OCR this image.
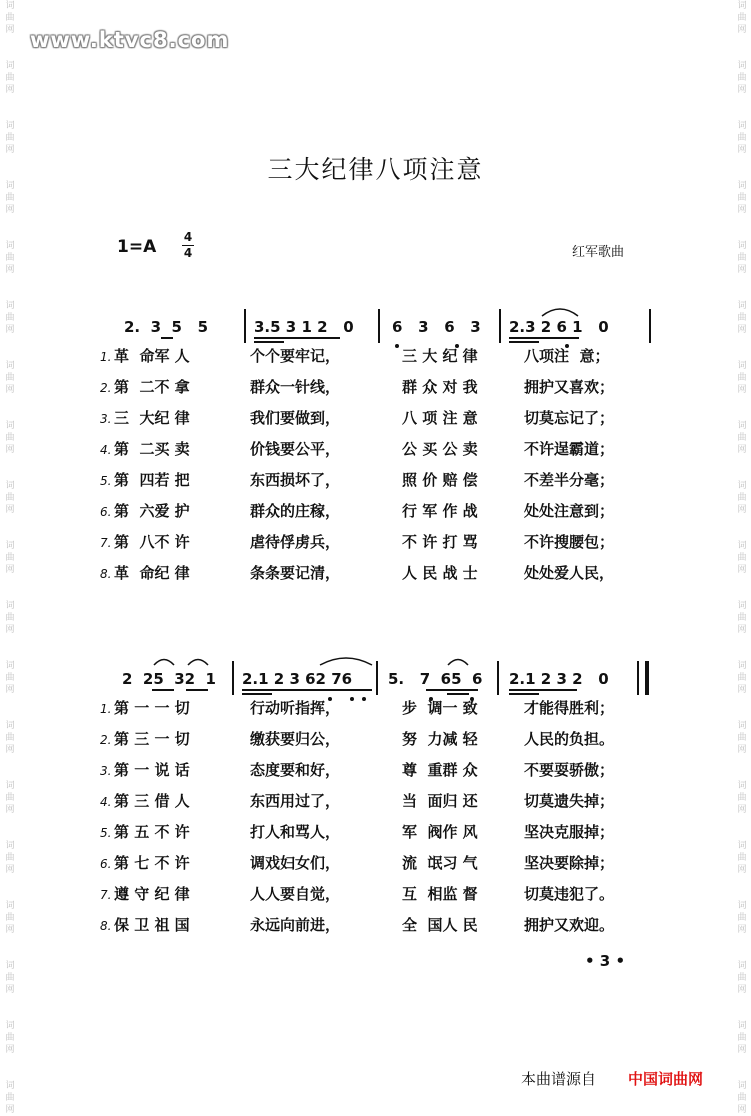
www.ktvc8.com
词曲网
词曲网
词曲网
词曲网
词曲网
词曲网
词曲网
词曲网
词曲网
词曲网
词曲网
词曲网
词曲网
词曲网
词曲网
词曲网
词曲网
词曲网
词曲网
词曲网
词曲网
词曲网
词曲网
词曲网
词曲网
词曲网
词曲网
词曲网
词曲网
词曲网
词曲网
词曲网
词曲网
词曲网
词曲网
词曲网
词曲网
词曲网
三大纪律八项注意
1=A 4
4	红军歌曲
2.  3  5   5	3.5 3 1 2   0	6   3   6   3 2.3 2 6 1   0
1. 革  命军 人	个个要牢记，	三 大 纪 律	八项注  意；
2. 第  二不 拿	群众一针线，	群 众 对 我	拥护又喜欢；
3. 三  大纪 律	我们要做到，	八 项 注 意	切莫忘记了；
4. 第  二买 卖	价钱要公平，	公 买 公 卖	不许逞霸道；
5. 第  四若 把	东西损坏了，	照 价 赔 偿	不差半分毫；
6. 第  六爱 护	群众的庄稼，	行 军 作 战	处处注意到；
7. 第  八不 许	虐待俘虏兵，	不 许 打 骂	不许搜腰包；
8. 革  命纪 律	条条要记清，	人 民 战 士	处处爱人民，
2  25  32  1 2.1 2 3 62 76 5.   7  65  6 2.1 2 3 2   0
1. 第 一 一 切	行动听指挥，	步  调一 致	才能得胜利；
2. 第 三 一 切	缴获要归公，	努  力减 轻	人民的负担。
3. 第 一 说 话	态度要和好，	尊  重群 众	不要耍骄傲；
4. 第 三 借 人	东西用过了，	当  面归 还	切莫遗失掉；
5. 第 五 不 许	打人和骂人，	军  阀作 风	坚决克服掉；
6. 第 七 不 许	调戏妇女们，	流  氓习 气	坚决要除掉；
7. 遵 守 纪 律	人人要自觉，	互  相监 督	切莫违犯了。
8. 保 卫 祖 国	永远向前进，	全  国人 民	拥护又欢迎。
• 3 •
本曲谱源自 中国词曲网
